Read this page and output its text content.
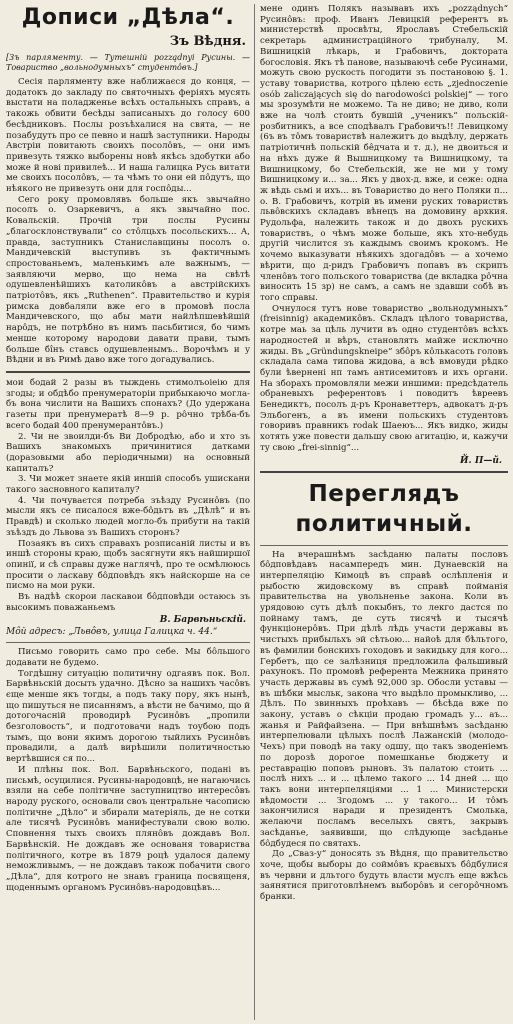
Дописи „Дѣла“.
Зъ Вѣдня.
[Зъ парляменту. — Тутешній pozządnyi Русины. — Товариство „вольнодумныхъ“ студентôвъ.]

Сесія парляменту вже наближаєся до конця, — додатокъ до закладу по святочныхъ феріяхъ мусять выстати на поладженье всѣхъ остальныхъ справъ, а такожь обвити бесѣды записаныхъ до голосу 600 бесѣдниковъ. Послы розъѣхалися на свята, — не позабудуть про се певно и нашѣ заступники. Народы Австріи повитають своихъ посолôвъ, — они имъ привезуть тяжко выборены новѣ якѣсь здобутки або може й нові привилеѣ... И наша галицка Русь витати ме своихъ посолôвъ, — та чѣмъ то они ей пôдутъ, що нѣякого не привезуть они для госпôды...

Сего року промовлявъ больше якъ звычайно посолъ о. Озаркевичъ, а якъ звычайно пос. Ковальскій. Прочій три послы Русины „благосклонствували“ со стôлцьхъ посольскихъ... А, правда, заступникъ Станиславщины посолъ о. Мандичевскій выступивъ зъ фактичнымъ спростованьемъ, маленькимъ але важнымъ, — заявляючи мерво, що нема на свѣтѣ одушевленѣйшихъ католикôвъ а австрійскихъ патріотôвъ, якъ „Ruthenen“. Правительство и курія римска довбаляли вже его в промовѣ посла Мандичевского, що абы мати найлѣпшевѣйшій нарôдъ, не потрѣбно въ нимъ пасьбитися, бо чимъ менше которому народови давати прави, тымъ больше бîнъ ставсь одушевленымъ.. Ворочѣмъ и у Вѣдни и въ Римѣ даво вже того догадувались.

мои бодай 2 разы въ тыждень стимолъоіеію для згоды; и обдѣбо пренумераторіи прибыкаючо могла-бъ вона числити на Вашихъ спонахъ? (До удержана газеты при пренумератѣ 8—9 р. рôчно трѣба-бъ всего бодай 400 пренумерантôвъ.)

2. Чи не звоилди-бъ Ви Добродѣю, або и хто зъ Вашихъ знакомыхъ причинитися датками (доразовыми або періодичными) на основный капиталъ?

3. Чи может знаете якій иншій способъ ушискани такого засновного капиталу?

4. Чи почуваєтся потреба зъѣзду Русинôвъ (по мысли якъ се писалося вже-бôдьтъ въ „Дѣлѣ“ и въ Правдѣ) и сколько людей могло-бъ прибути на такій зъѣздъ до Львова зъ Вашихъ сторонъ?

Позаякъ въ сихъ справахъ розписаній листы и въ иншѣ стороны краю, щобъ засягнути якъ найширшої опинії, и сѣ справы дуже наглячѣ, про те осмѣлююсь просити о ласкаву бôдповѣдъ якъ найскорше на се писмо на мои руки.

Въ надѣѣ скорои ласкавои бôдповѣди остаюсь зъ высокимъ поважаньемъ

В. Барвѣньскій.

Мôй адресъ: „Львôвъ, улица Галицка ч. 44.“

Письмо говорить само про себе. Мы бôльшого додавати не будемо.

Тогдѣшну ситуацію политичну одгаявъ пок. Вол. Барвѣньскій досыть удачно. Дѣсно за нашихъ часôвъ єще менше якъ тогды, а подъ таку пору, якъ нынѣ, що пишуться не писаннямъ, а вѣсти не бачимо, що й дотогочасній проводирѣ Русинôвъ „пропили безголовость“, и подготовачи надъ тоубою подъ тымъ, що вони якимъ дорогою тыйлихъ Русинôвъ провадили, а далѣ вирѣшили политичностью вертѣвшися ся по...

И плѣны пок. Вол. Барвѣньского, подані въ письмѣ, осуцилися. Русины-народовцѣ, не нагаючись взяли на себе політичне заступництво интересôвъ народу руского, основали своъ центральне часописю політичне „Дѣло“ и збирали матеріяль, де не сотки але тисячѣ Русинôвъ манифестували свою волю. Сповнення тыхъ своихъ плянôвъ дождавъ Вол. Барвѣнскій. Не дождавъ же основаня товариства політичного, котре въ 1879 роцѣ удалося далему неможливымъ, — не дождавъ також побачити свого „Дѣла“, для котрого не знавъ граница посвященя, щоденнымъ органомъ Русинôвъ-народовцѣвъ...

мене одинъ Полякъ называвъ ихъ „pozządnych“ Русинôвъ: проф. Иванъ Левицкій референтъ въ министерствѣ просвѣты, Ярославъ Стебельскій секретарь администраційного трибуналу, М. Вишницкій лѣкарь, и Грабовичъ, доктората богословія. Якъ тѣ панове, называючѣ себе Русинами, можуть свою рускость погодити зъ постановою §. 1. уставу товариства, котрого цѣлею єсть „zjednoczenie osób zaliczających się do narodowości polskiej“ — того мы зрозумѣти не можемо. Та не диво; не диво, коли вже на чолѣ стоить бувшій „ученикъ“ польскій-розбитникъ, а все сподѣвалъ Грабовичъ!! Левицкому (6ъ въ тôмъ товариствѣ належитъ до выдѣлу, держать патріотичнѣ польскій бêдчата и т. д.), не двоиться и на нѣхъ дуже й Вышницкому та Вишницкому, та Вишницкому, бо Стебельскій, же не ми у тому Вишницкому и... за... Якъ у двох-д. вже, и сеже: одна ж вѣдь сьмі и ихъ... въ Товариство до него Поляки п... о. В. Грабовичъ, котрій въ имени руских товариствъ львôвскихъ складавъ вѣнецъ на домовину архкия. Рудольфа, належить також и до двохъ рускихъ товариствъ, о чѣмъ може больше, якъ хто-небудь другій числится зъ каждымъ своимъ крокомъ. Не хочемо выказувати нѣякихъ здогадôвъ — а хочемо вѣрити, що д-ридъ Грабовичъ попавъ въ скрипъ членôвъ того польского товариства (де вкладка рôчна виносить 15 зр) не самъ, а самъ не здавши собѣ въ того справы.

Очнулося тутъ нове товариство „вольнодумныхъ“ (freisinnig) академикôвъ. Складъ цѣлого товариства, котре маь за цѣль лучити въ одно студентôвъ всѣхъ народностей и вѣръ, становлять майже исключно жиды. Въ „Gründungskneipe“ збôръ кôлькасоть головъ складала сама типова жидова, а всѣ вмовуди рѣдко були ѣвернені нп тамъ антисемитовъ и ихъ органи. На зборахъ промовляли межи иншими: предсѣдатель обраневыхъ референтовъ і поводитъ ѣвреевъ Бенедиктъ, посолъ д-ръ Кронаветтеръ, адвокатъ д-ръ Эльбогенъ, а въ имени польскихъ студентовъ говоривъ правникъ rodak Шаеюъ... Якъ видко, жиды хотять уже повести дальшу свою агитацію, и, кажучи ту свою „frei-sinnig“...

Й. П—й.
Переглядъ политичный.

На вчерашнѣмъ засѣданю палаты пословъ бôдповѣдавъ насампередъ мин. Дунаевскій на интерпеляцію Кимоцѣ въ справѣ ослѣпленія и рыбостю жидовскому въ справѣ пойманія правительства на увольненье закона. Коли въ урядовою суть дѣлѣ покыбнъ, то лекго дастся по пойнаму тамъ, де суть тисячѣ и тысячѣ функціонерôвъ. При дѣлѣ лѣдь участи державы въ чистыхъ прибыльхъ эй сѣтьою... найоѣ для бѣльтого, въ фамилии бонскихъ гоходовъ и закидьку для кого... Гербетъ, що се залѣзниця предложила фальшивый рахунокъ. По промовѣ референта Межника принято участь державы въ сумѣ 92,000 зр. Обосли уставы — въ шѣбки мысльк, закона что выдѣло промыкливо, ... Дѣлъ. По звинныхъ проѣхавъ — бѣсѣда вже по закону, уставъ о сѣкціи продаю громадъ у... аъ... жанья и Райфайзена. — При внѣшнѣмъ засѣданю интерпелювали цѣлыхъ послѣ Лажанскій (молодо-Чехъ) при поводѣ на таку одшу, що такъ зводеніемъ по дорозѣ дорогое помешканье бюджету и реставрацію поповъ рыновъ. Зъ палатою стоить ... послѣ нихъ ... и ... цѣлемо такого ... 14 дней ... що такъ вони интерпеляціями ... 1 ... Министерски вѣдомости ... Згодомъ ... у такого... И тôмъ закончилися наради и президентъ Смолька, желаючи посламъ веселыхъ святъ, закрывъ засѣданье, заявивши, що слѣдующе засѣданье бôдбудеся по святахъ.

До „Сваз-у“ доносять зъ Вѣдня, що правительство хоче, щобы выборы до соймôвъ краєвыхъ бôдбулися въ червни и дльтого будуть власти муслъ еще вжѣсь заянятися приготовлѣнемъ выборôвъ и сегорôчномъ бранки.
